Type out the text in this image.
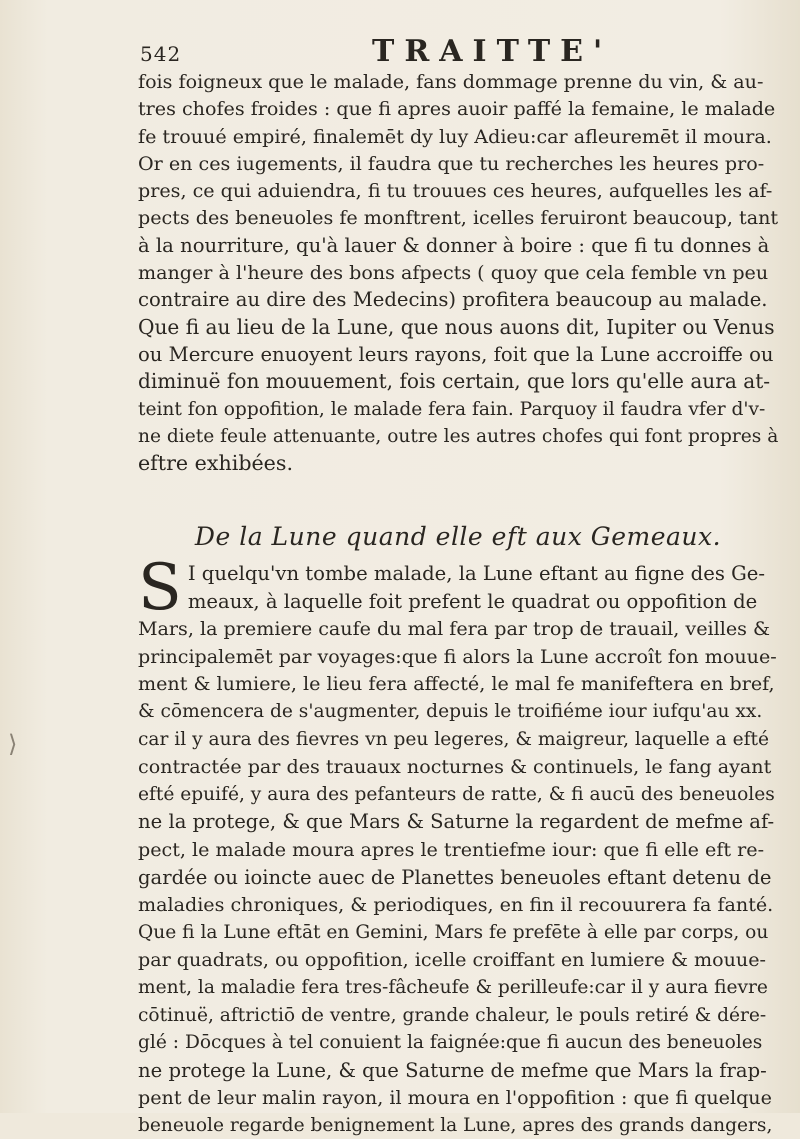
542	TRAITTE'
fois foigneux que le malade, fans dommage prenne du vin, & au-
tres chofes froides : que fi apres auoir paffé la femaine, le malade
fe trouué empiré, finalemēt dy luy Adieu:car afleuremēt il moura.
Or en ces iugements, il faudra que tu recherches les heures pro-
pres, ce qui aduiendra, fi tu trouues ces heures, aufquelles les af-
pects des beneuoles fe monftrent, icelles feruiront beaucoup, tant
à la nourriture, qu'à lauer & donner à boire : que fi tu donnes à
manger à l'heure des bons afpects ( quoy que cela femble vn peu
contraire au dire des Medecins) profitera beaucoup au malade.
Que fi au lieu de la Lune, que nous auons dit, Iupiter ou Venus
ou Mercure enuoyent leurs rayons, foit que la Lune accroiffe ou
diminuë fon mouuement, fois certain, que lors qu'elle aura at-
teint fon oppofition, le malade fera fain. Parquoy il faudra vfer d'v-
ne diete feule attenuante, outre les autres chofes qui font propres à
eftre exhibées.
De la Lune quand elle eft aux Gemeaux.
S I quelqu'vn tombe malade, la Lune eftant au figne des Ge-
meaux, à laquelle foit prefent le quadrat ou oppofition de
Mars, la premiere caufe du mal fera par trop de trauail, veilles &
principalemēt par voyages:que fi alors la Lune accroît fon mouue-
ment & lumiere, le lieu fera affecté, le mal fe manifeftera en bref,
& cōmencera de s'augmenter, depuis le troifiéme iour iufqu'au xx.
car il y aura des fievres vn peu legeres, & maigreur, laquelle a efté
contractée par des trauaux nocturnes & continuels, le fang ayant
efté epuifé, y aura des pefanteurs de ratte, & fi aucū des beneuoles
ne la protege, & que Mars & Saturne la regardent de mefme af-
pect, le malade moura apres le trentiefme iour: que fi elle eft re-
gardée ou ioincte auec de Planettes beneuoles eftant detenu de
maladies chroniques, & periodiques, en fin il recouurera fa fanté.
Que fi la Lune eftāt en Gemini, Mars fe prefēte à elle par corps, ou
par quadrats, ou oppofition, icelle croiffant en lumiere & mouue-
ment, la maladie fera tres-fâcheufe & perilleufe:car il y aura fievre
cōtinuë, aftrictiō de ventre, grande chaleur, le pouls retiré & dére-
glé : Dōcques à tel conuient la faignée:que fi aucun des beneuoles
ne protege la Lune, & que Saturne de mefme que Mars la frap-
pent de leur malin rayon, il moura en l'oppofition : que fi quelque
beneuole regarde benignement la Lune, apres des grands dangers,
⟩
